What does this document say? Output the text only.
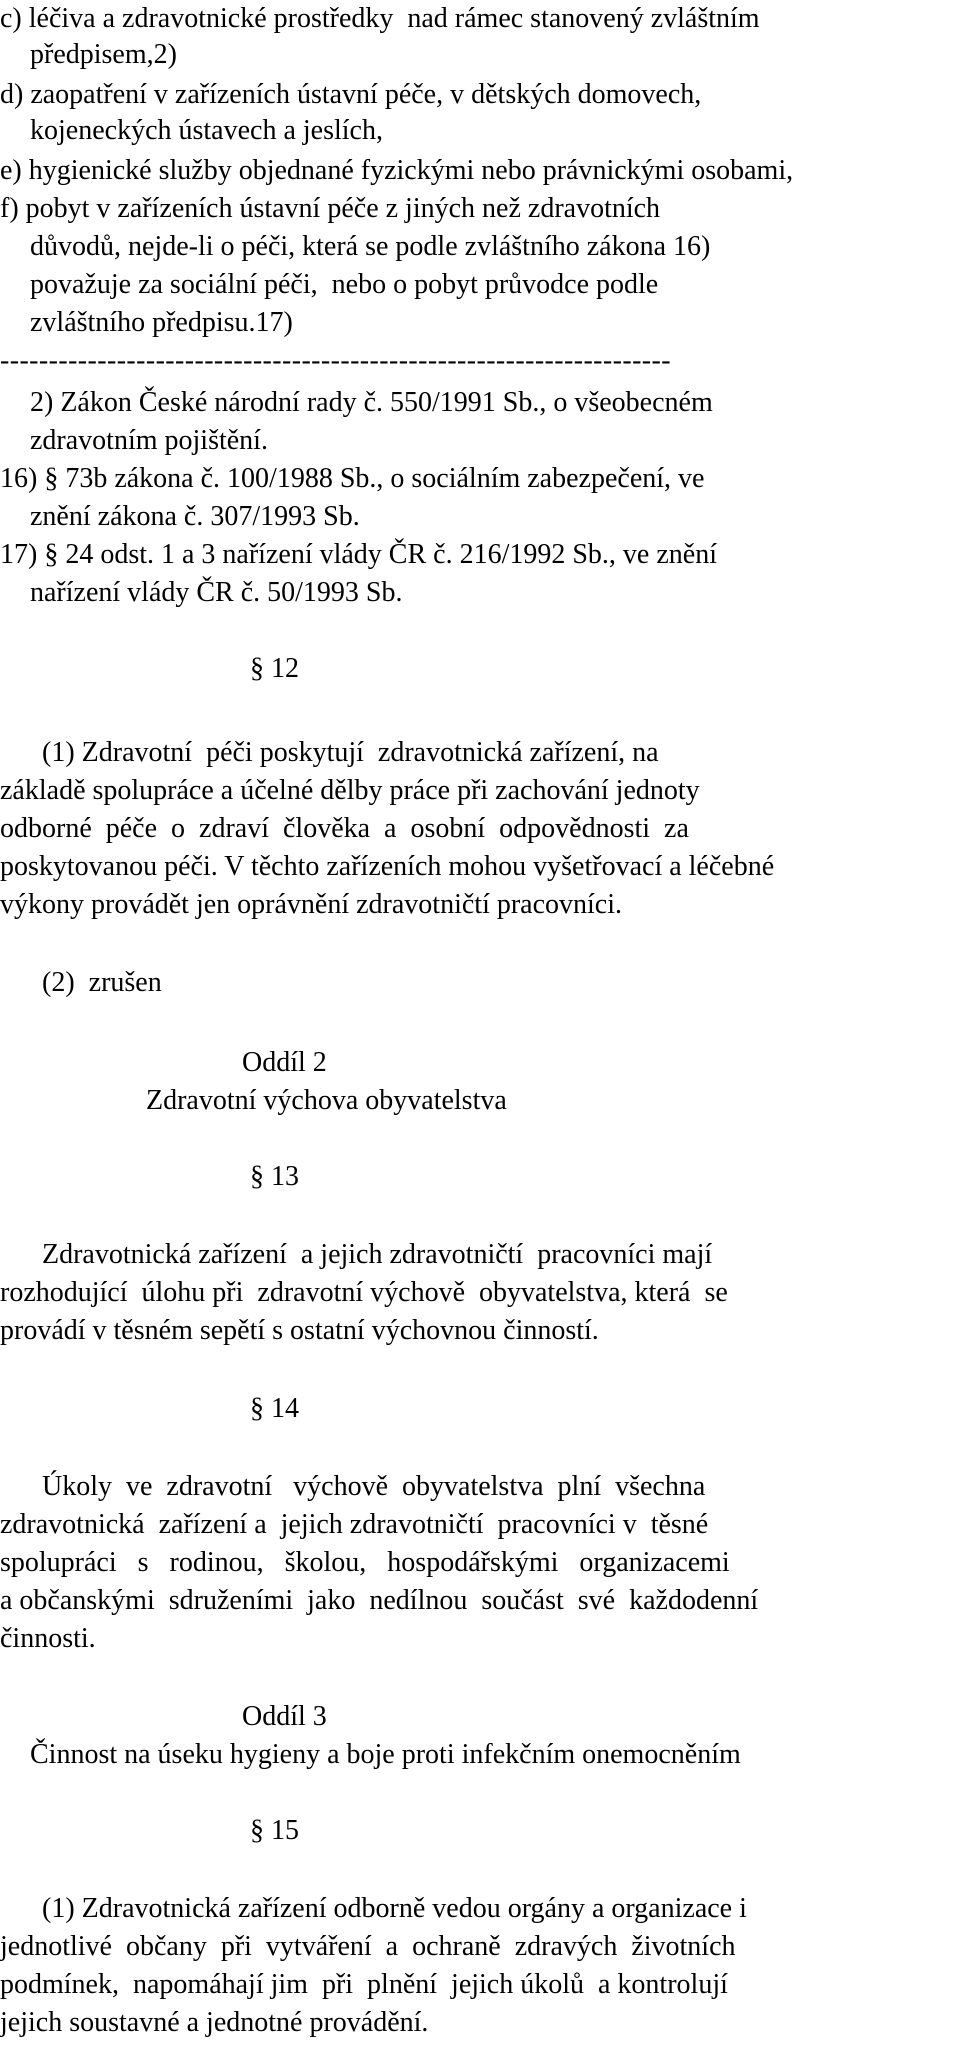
c) léčiva a zdravotnické prostředky  nad rámec stanovený zvláštním
předpisem,2)
d) zaopatření v zařízeních ústavní péče, v dětských domovech,
kojeneckých ústavech a jeslích,
e) hygienické služby objednané fyzickými nebo právnickými osobami,
f) pobyt v zařízeních ústavní péče z jiných než zdravotních
důvodů, nejde-li o péči, která se podle zvláštního zákona 16)
považuje za sociální péči,  nebo o pobyt průvodce podle
zvláštního předpisu.17)
---------------------------------------------------------------------
2) Zákon České národní rady č. 550/1991 Sb., o všeobecném
zdravotním pojištění.
16) § 73b zákona č. 100/1988 Sb., o sociálním zabezpečení, ve
znění zákona č. 307/1993 Sb.
17) § 24 odst. 1 a 3 nařízení vlády ČR č. 216/1992 Sb., ve znění
nařízení vlády ČR č. 50/1993 Sb.
§ 12
(1) Zdravotní  péči poskytují  zdravotnická zařízení, na
základě spolupráce a účelné dělby práce při zachování jednoty
odborné  péče  o  zdraví  člověka  a  osobní  odpovědnosti  za
poskytovanou péči. V těchto zařízeních mohou vyšetřovací a léčebné
výkony provádět jen oprávnění zdravotničtí pracovníci.
(2)  zrušen
Oddíl 2
Zdravotní výchova obyvatelstva
§ 13
Zdravotnická zařízení  a jejich zdravotničtí  pracovníci mají
rozhodující  úlohu při  zdravotní výchově  obyvatelstva, která  se
provádí v těsném sepětí s ostatní výchovnou činností.
§ 14
Úkoly  ve  zdravotní   výchově  obyvatelstva  plní  všechna
zdravotnická  zařízení a  jejich zdravotničtí  pracovníci v  těsné
spolupráci   s   rodinou,   školou,   hospodářskými   organizacemi
a občanskými  sdruženími  jako  nedílnou  součást  své  každodenní
činnosti.
Oddíl 3
Činnost na úseku hygieny a boje proti infekčním onemocněním
§ 15
(1) Zdravotnická zařízení odborně vedou orgány a organizace i
jednotlivé  občany  při  vytváření  a  ochraně  zdravých  životních
podmínek,  napomáhají jim  při  plnění  jejich úkolů  a kontrolují
jejich soustavné a jednotné provádění.
